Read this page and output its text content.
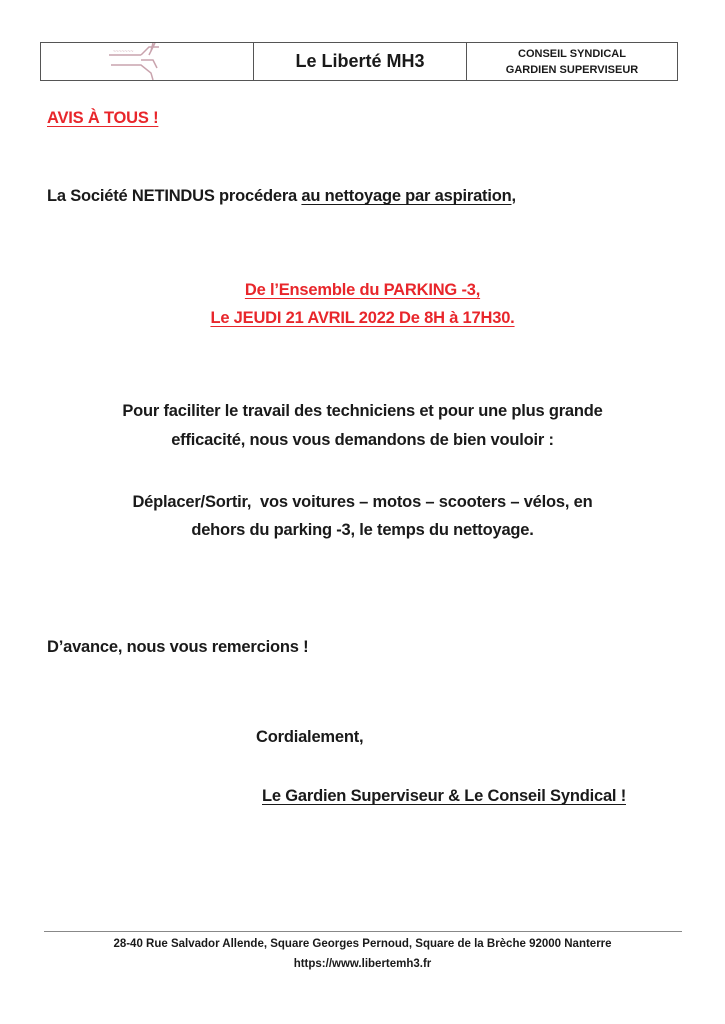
~~~~~~~	Le Liberté MH3	CONSEIL SYNDICAL
GARDIEN SUPERVISEUR
AVIS À TOUS !
La Société NETINDUS procédera au nettoyage par aspiration,
De l’Ensemble du PARKING -3,
Le JEUDI 21 AVRIL 2022 De 8H à 17H30.
Pour faciliter le travail des techniciens et pour une plus grande
efficacité, nous vous demandons de bien vouloir :
Déplacer/Sortir,  vos voitures – motos – scooters – vélos, en
dehors du parking -3, le temps du nettoyage.
D’avance, nous vous remercions !
Cordialement,
Le Gardien Superviseur & Le Conseil Syndical !
28-40 Rue Salvador Allende, Square Georges Pernoud, Square de la Brèche 92000 Nanterre
https://www.libertemh3.fr
